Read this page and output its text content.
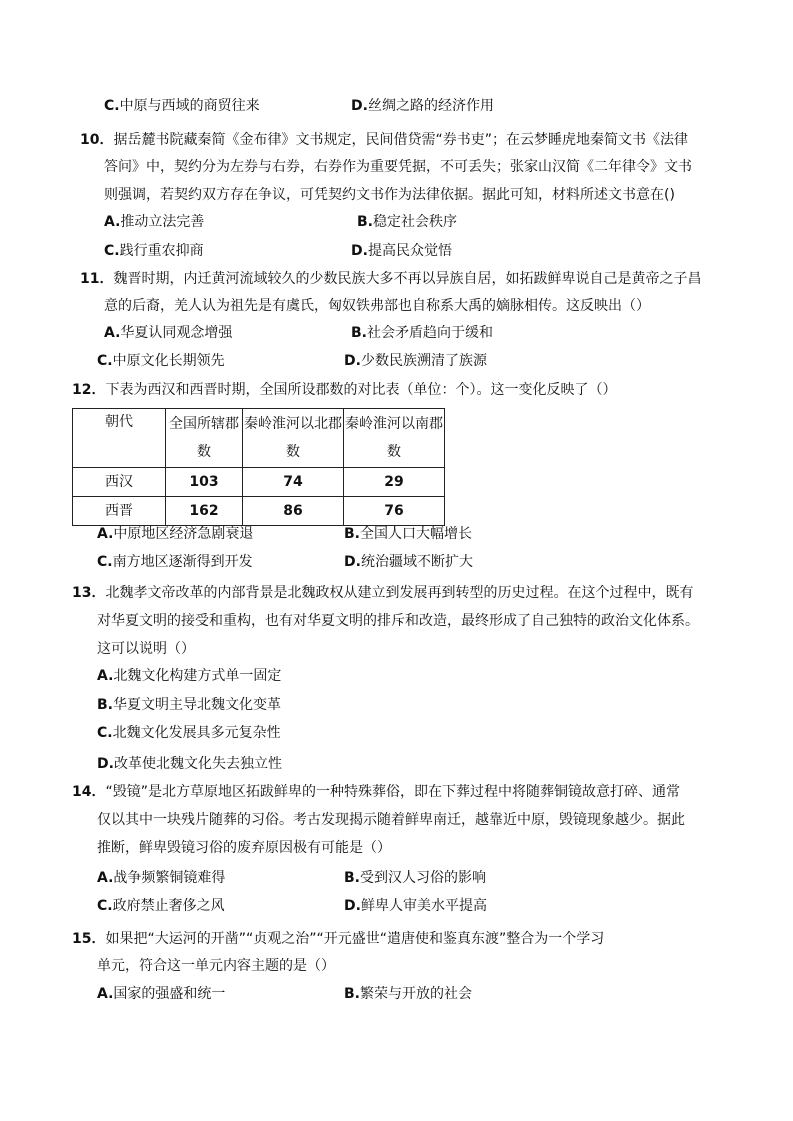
C.中原与西域的商贸往来	D.丝绸之路的经济作用
10．据岳麓书院藏秦简《金布律》文书规定，民间借贷需“券书吏”；在云梦睡虎地秦简文书《法律
答问》中，契约分为左券与右券，右券作为重要凭据，不可丢失；张家山汉简《二年律令》文书
则强调，若契约双方存在争议，可凭契约文书作为法律依据。据此可知，材料所述文书意在()
A.推动立法完善	B.稳定社会秩序
C.践行重农抑商	D.提高民众觉悟
11．魏晋时期，内迁黄河流域较久的少数民族大多不再以异族自居，如拓跋鲜卑说自己是黄帝之子昌
意的后裔，羌人认为祖先是有虞氏，匈奴铁弗部也自称系大禹的嫡脉相传。这反映出（）
A.华夏认同观念增强	B.社会矛盾趋向于缓和
C.中原文化长期领先	D.少数民族溯清了族源
12．下表为西汉和西晋时期，全国所设郡数的对比表（单位：个）。这一变化反映了（）
朝代	全国所辖郡数	秦岭淮河以北郡数	秦岭淮河以南郡数
西汉	103	74	29
西晋	162	86	76
A.中原地区经济急剧衰退	B.全国人口大幅增长
C.南方地区逐渐得到开发	D.统治疆域不断扩大
13．北魏孝文帝改革的内部背景是北魏政权从建立到发展再到转型的历史过程。在这个过程中，既有
对华夏文明的接受和重构，也有对华夏文明的排斥和改造，最终形成了自己独特的政治文化体系。
这可以说明（）
A.北魏文化构建方式单一固定
B.华夏文明主导北魏文化变革
C.北魏文化发展具多元复杂性
D.改革使北魏文化失去独立性
14．“毁镜”是北方草原地区拓跋鲜卑的一种特殊葬俗，即在下葬过程中将随葬铜镜故意打碎、通常
仅以其中一块残片随葬的习俗。考古发现揭示随着鲜卑南迁，越靠近中原，毁镜现象越少。据此
推断，鲜卑毁镜习俗的废弃原因极有可能是（）
A.战争频繁铜镜难得	B.受到汉人习俗的影响
C.政府禁止奢侈之风	D.鲜卑人审美水平提高
15．如果把“大运河的开凿”“贞观之治”“开元盛世“遣唐使和鉴真东渡”整合为一个学习
单元，符合这一单元内容主题的是（）
A.国家的强盛和统一	B.繁荣与开放的社会
